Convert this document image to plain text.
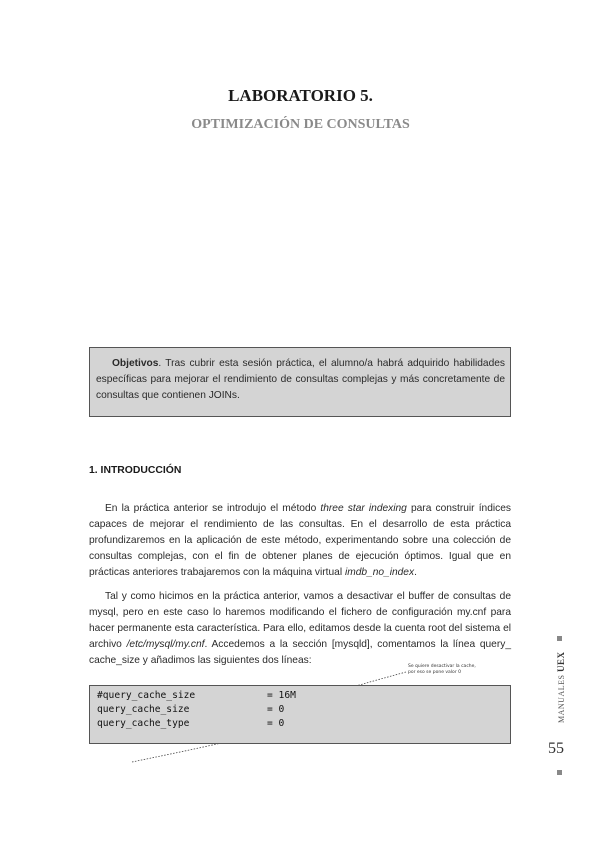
LABORATORIO 5.
OPTIMIZACIÓN DE CONSULTAS
Objetivos. Tras cubrir esta sesión práctica, el alumno/a habrá adquirido habilidades específicas para mejorar el rendimiento de consultas complejas y más concretamente de consultas que contienen JOINs.
1. INTRODUCCIÓN
En la práctica anterior se introdujo el método three star indexing para construir índices capaces de mejorar el rendimiento de las consultas. En el desarrollo de esta práctica profundizaremos en la aplicación de este método, experimentando sobre una colección de consultas complejas, con el fin de obtener planes de ejecución óptimos. Igual que en prácticas anteriores trabajaremos con la máquina virtual imdb_no_index.
Tal y como hicimos en la práctica anterior, vamos a desactivar el buffer de consultas de mysql, pero en este caso lo haremos modificando el fichero de configuración my.cnf para hacer permanente esta característica. Para ello, editamos desde la cuenta root del sistema el archivo /etc/mysql/my.cnf. Accedemos a la sección [mysqld], comentamos la línea query_ cache_size y añadimos las siguientes dos líneas:
Se quiere desactivar la cache,
por eso se pone valor 0
#query_cache_size	= 16M
query_cache_size	= 0
query_cache_type	= 0
MANUALES UEX
55
